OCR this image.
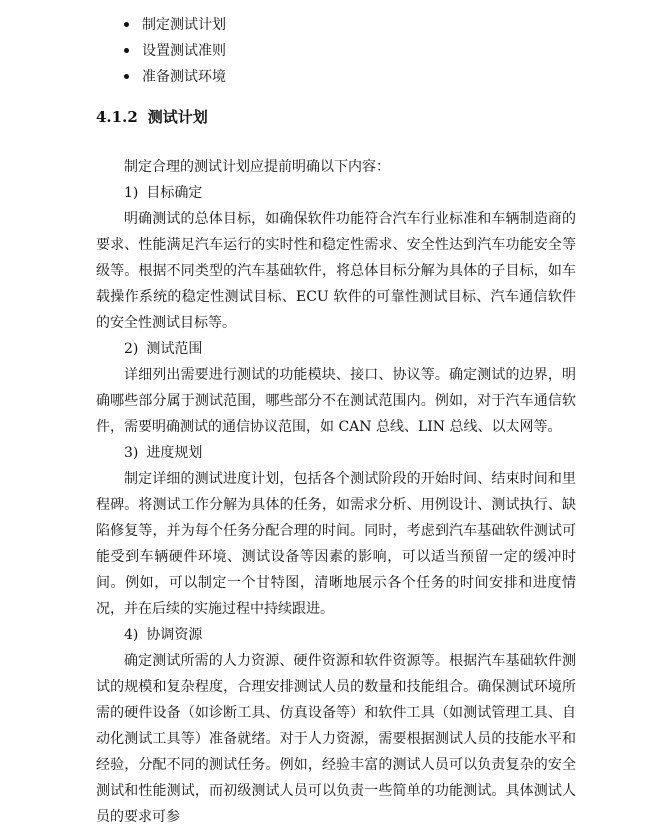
制定测试计划
设置测试准则
准备测试环境
4.1.2 测试计划

制定合理的测试计划应提前明确以下内容：

1) 目标确定

明确测试的总体目标，如确保软件功能符合汽车行业标准和车辆制造商的要求、性能满足汽车运行的实时性和稳定性需求、安全性达到汽车功能安全等级等。根据不同类型的汽车基础软件，将总体目标分解为具体的子目标，如车载操作系统的稳定性测试目标、ECU 软件的可靠性测试目标、汽车通信软件的安全性测试目标等。

2) 测试范围

详细列出需要进行测试的功能模块、接口、协议等。确定测试的边界，明确哪些部分属于测试范围，哪些部分不在测试范围内。例如，对于汽车通信软件，需要明确测试的通信协议范围，如 CAN 总线、LIN 总线、以太网等。

3) 进度规划

制定详细的测试进度计划，包括各个测试阶段的开始时间、结束时间和里程碑。将测试工作分解为具体的任务，如需求分析、用例设计、测试执行、缺陷修复等，并为每个任务分配合理的时间。同时，考虑到汽车基础软件测试可能受到车辆硬件环境、测试设备等因素的影响，可以适当预留一定的缓冲时间。例如，可以制定一个甘特图，清晰地展示各个任务的时间安排和进度情况，并在后续的实施过程中持续跟进。

4) 协调资源

确定测试所需的人力资源、硬件资源和软件资源等。根据汽车基础软件测试的规模和复杂程度，合理安排测试人员的数量和技能组合。确保测试环境所需的硬件设备（如诊断工具、仿真设备等）和软件工具（如测试管理工具、自动化测试工具等）准备就绪。对于人力资源，需要根据测试人员的技能水平和经验，分配不同的测试任务。例如，经验丰富的测试人员可以负责复杂的安全测试和性能测试，而初级测试人员可以负责一些简单的功能测试。具体测试人员的要求可参
